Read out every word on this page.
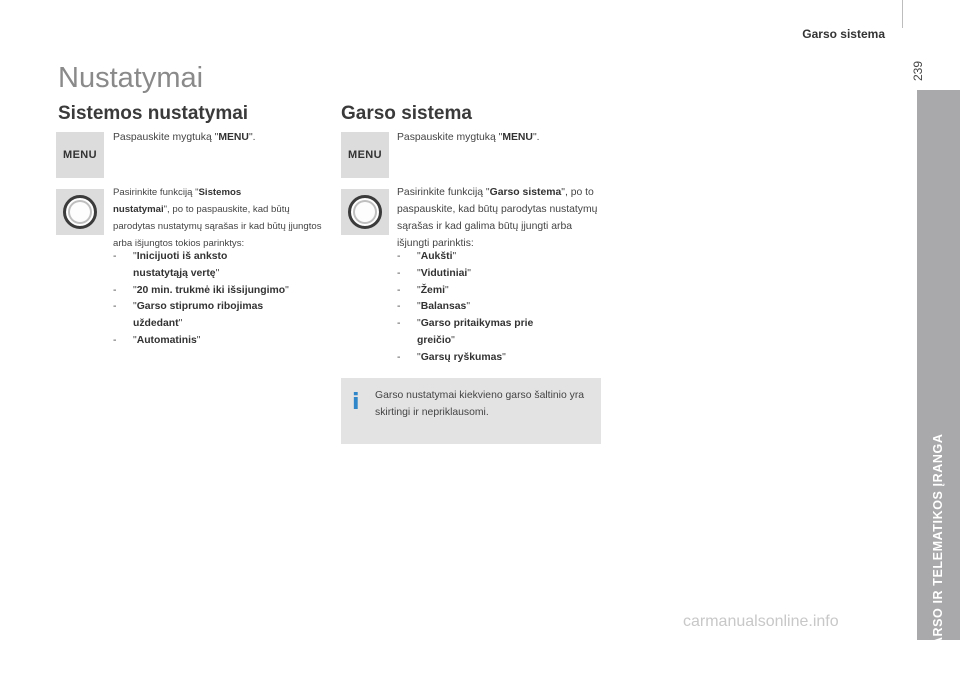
Garso sistema
239
GARSO IR TELEMATIKOS ĮRANGA
10
Nustatymai
Sistemos nustatymai
MENU
Paspauskite mygtuką "MENU".
Pasirinkite funkciją "Sistemos
nustatymai", po to paspauskite, kad būtų parodytas nustatymų sąrašas ir kad būtų įjungtos arba išjungtos tokios parinktys:
- "Inicijuoti iš ankstо
nustatytąją vertę"
- "20 min. trukmė iki išsijungimo"
- "Garso stiprumo ribojimas
uždedant"
- "Automatinis"
Garso sistema
MENU
Paspauskite mygtuką "MENU".
Pasirinkite funkciją "Garso sistema", po to paspauskite, kad būtų parodytas nustatymų sąrašas ir kad galima būtų įjungti arba išjungti parinktis:
- "Aukšti"
- "Vidutiniai"
- "Žemi"
- "Balansas"
- "Garso pritaikymas prie
greičio"
- "Garsų ryškumas"
i Garso nustatymai kiekvieno garso šaltinio yra skirtingi ir nepriklausomi.
carmanualsonline.info
